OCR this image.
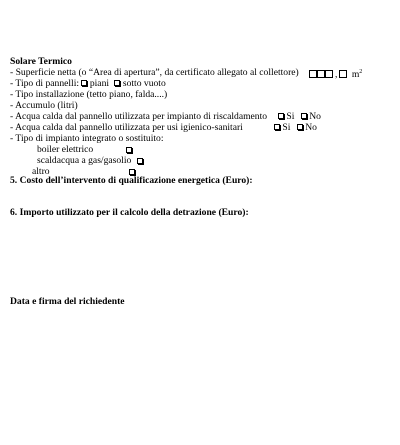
Solare Termico
- Superficie netta (o “Area di apertura”, da certificato allegato al collettore)	, $m^2$
- Tipo di pannelli: piani sotto vuoto
- Tipo installazione (tetto piano, falda....)
- Accumulo (litri)
- Acqua calda dal pannello utilizzata per impianto di riscaldamento	Si No
- Acqua calda dal pannello utilizzata per usi igienico-sanitari	Si No
- Tipo di impianto integrato o sostituito:
boiler elettrico
scaldacqua a gas/gasolio
altro
5. Costo dell’intervento di qualificazione energetica (Euro):
6. Importo utilizzato per il calcolo della detrazione (Euro):
Data e firma del richiedente
